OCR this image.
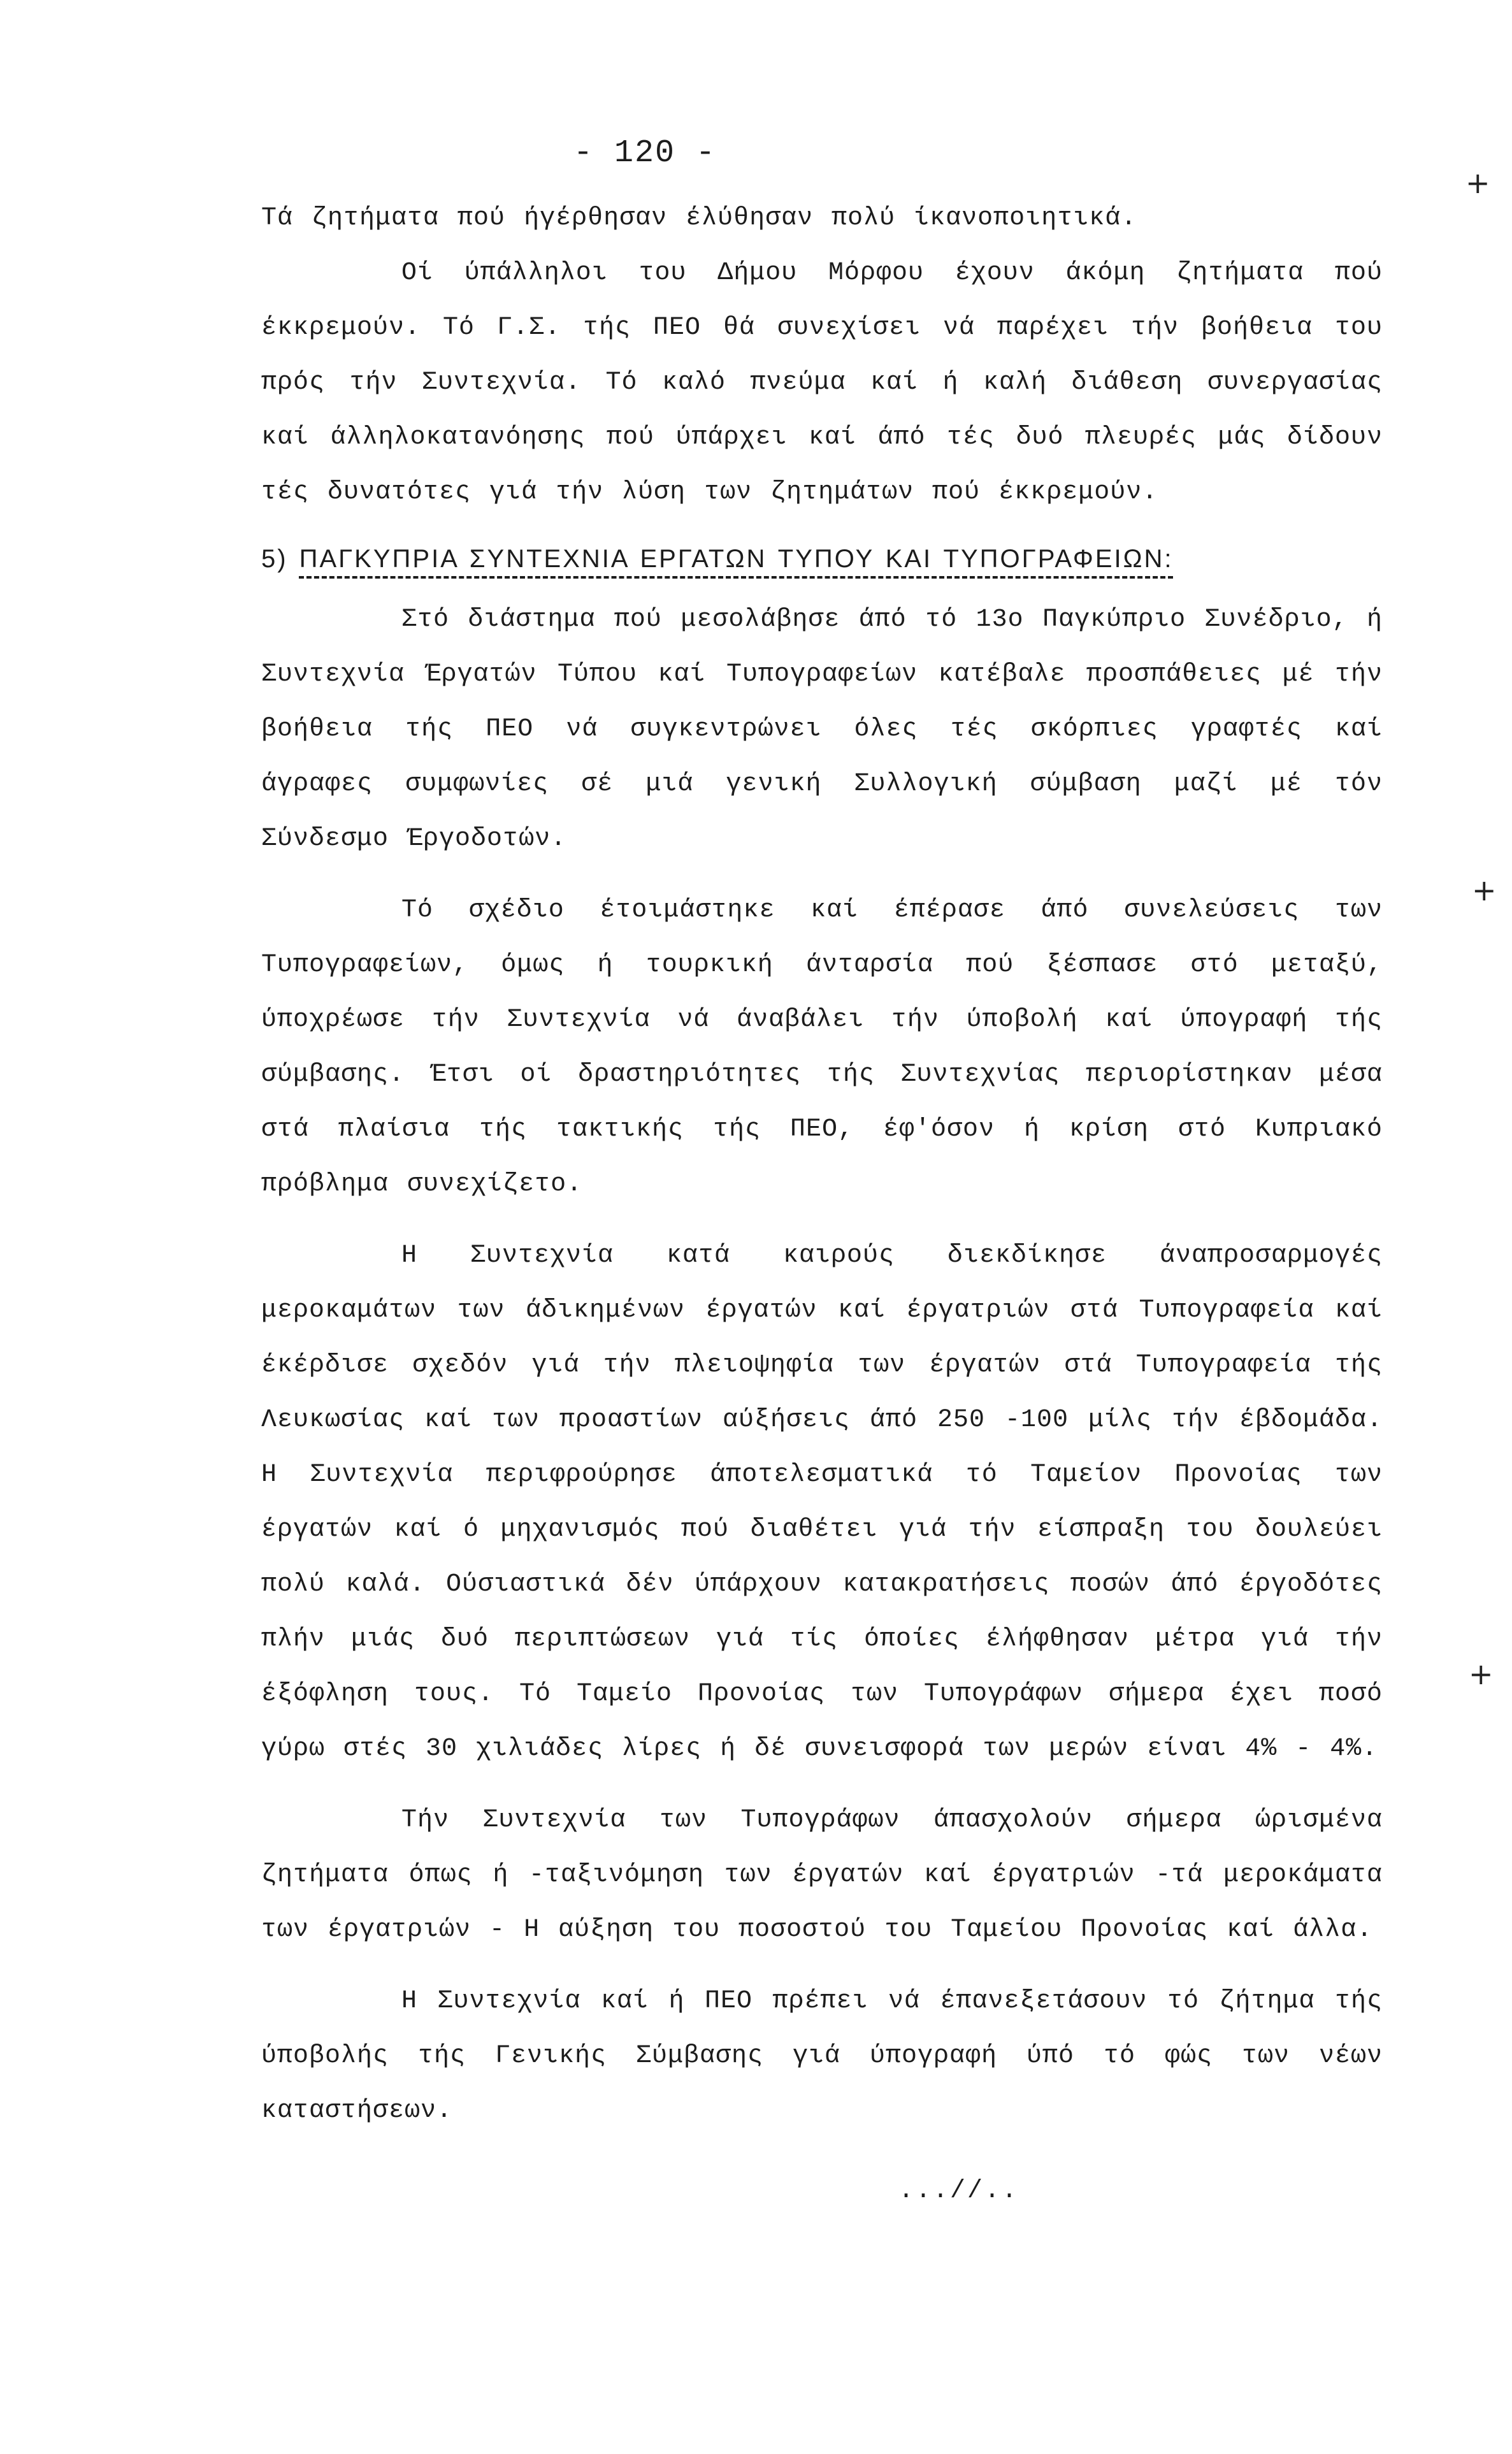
- 120 -

Τά ζητήματα πού ήγέρθησαν έλύθησαν πολύ ίκανοποιητικά.

Οί ύπάλληλοι του Δήμου Μόρφου έχουν άκόμη ζητήματα πού έκκρεμούν. Τό Γ.Σ. τής ΠΕΟ θά συνεχίσει νά παρέχει τήν βοήθεια του πρός τήν Συντεχνία. Τό καλό πνεύμα καί ή καλή διάθεση συνεργασίας καί άλληλοκατανόησης πού ύπάρχει καί άπό τές δυό πλευρές μάς δίδουν τές δυνατότες γιά τήν λύση των ζητημάτων πού έκκρεμούν.

5) ΠΑΓΚΥΠΡΙΑ ΣΥΝΤΕΧΝΙΑ ΕΡΓΑΤΩΝ ΤΥΠΟΥ ΚΑΙ ΤΥΠΟΓΡΑΦΕΙΩΝ:

Στό διάστημα πού μεσολάβησε άπό τό 13ο Παγκύπριο Συνέδριο, ή Συντεχνία Έργατών Τύπου καί Τυπογραφείων κατέβαλε προσπάθειες μέ τήν βοήθεια τής ΠΕΟ νά συγκεντρώνει όλες τές σκόρπιες γραφτές καί άγραφες συμφωνίες σέ μιά γενική Συλλογική σύμβαση μαζί μέ τόν Σύνδεσμο Έργοδοτών.

Τό σχέδιο έτοιμάστηκε καί έπέρασε άπό συνελεύσεις των Τυπογραφείων, όμως ή τουρκική άνταρσία πού ξέσπασε στό μεταξύ, ύποχρέωσε τήν Συντεχνία νά άναβάλει τήν ύποβολή καί ύπογραφή τής σύμβασης. Έτσι οί δραστηριότητες τής Συντεχνίας περιορίστηκαν μέσα στά πλαίσια τής τακτικής τής ΠΕΟ, έφ'όσον ή κρίση στό Κυπριακό πρόβλημα συνεχίζετο.

Η Συντεχνία κατά καιρούς διεκδίκησε άναπροσαρμογές μεροκαμάτων των άδικημένων έργατών καί έργατριών στά Τυπογραφεία καί έκέρδισε σχεδόν γιά τήν πλειοψηφία των έργατών στά Τυπογραφεία τής Λευκωσίας καί των προαστίων αύξήσεις άπό 250 -100 μίλς τήν έβδομάδα. Η Συντεχνία περιφρούρησε άποτελεσματικά τό Ταμείον Προνοίας των έργατών καί ό μηχανισμός πού διαθέτει γιά τήν είσπραξη του δουλεύει πολύ καλά. Ούσιαστικά δέν ύπάρχουν κατακρατήσεις ποσών άπό έργοδότες πλήν μιάς δυό περιπτώσεων γιά τίς όποίες έλήφθησαν μέτρα γιά τήν έξόφληση τους. Τό Ταμείο Προνοίας των Τυπογράφων σήμερα έχει ποσό γύρω στές 30 χιλιάδες λίρες ή δέ συνεισφορά των μερών είναι 4% - 4%.

Τήν Συντεχνία των Τυπογράφων άπασχολούν σήμερα ώρισμένα ζητήματα όπως ή -ταξινόμηση των έργατών καί έργατριών -τά μεροκάματα των έργατριών - Η αύξηση του ποσοστού του Ταμείου Προνοίας καί άλλα.

Η Συντεχνία καί ή ΠΕΟ πρέπει νά έπανεξετάσουν τό ζήτημα τής ύποβολής τής Γενικής Σύμβασης γιά ύπογραφή ύπό τό φώς των νέων καταστήσεων.

...//..
+
+
+
